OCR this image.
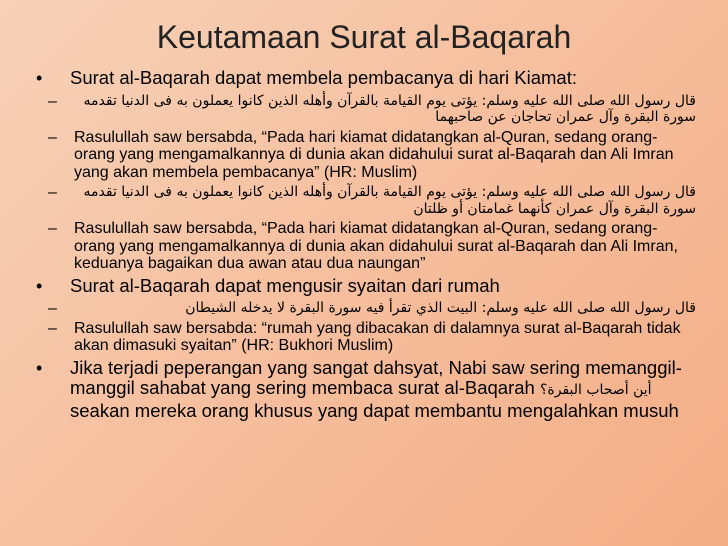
Keutamaan Surat al-Baqarah
• Surat al-Baqarah dapat membela pembacanya di hari Kiamat:
–	قال رسول الله صلى الله عليه وسلم: يؤتى يوم القيامة بالقرآن وأهله الذين كانوا يعملون به فى الدنيا تقدمه سورة البقرة وآل عمران تحاجان عن صاحبهما
– Rasulullah saw bersabda, “Pada hari kiamat didatangkan al-Quran, sedang orang-orang yang mengamalkannya di dunia akan didahului surat al-Baqarah dan Ali Imran yang akan membela pembacanya” (HR: Muslim)
–	قال رسول الله صلى الله عليه وسلم: يؤتى يوم القيامة بالقرآن وأهله الذين كانوا يعملون به فى الدنيا تقدمه سورة البقرة وآل عمران كأنهما غمامتان أو ظلتان
– Rasulullah saw bersabda, “Pada hari kiamat didatangkan al-Quran, sedang orang-orang yang mengamalkannya di dunia akan didahului surat al-Baqarah dan Ali Imran, keduanya bagaikan dua awan atau dua naungan”
• Surat al-Baqarah dapat mengusir syaitan dari rumah
–	قال رسول الله صلى الله عليه وسلم: البيت الذي تقرأ فيه سورة البقرة لا يدخله الشيطان
– Rasulullah saw bersabda: “rumah yang dibacakan di dalamnya surat al-Baqarah tidak akan dimasuki syaitan” (HR: Bukhori Muslim)
• Jika terjadi peperangan yang sangat dahsyat, Nabi saw sering memanggil-manggil sahabat yang sering membaca surat al-Baqarah أين أصحاب البقرة؟ seakan mereka orang khusus yang dapat membantu mengalahkan musuh
